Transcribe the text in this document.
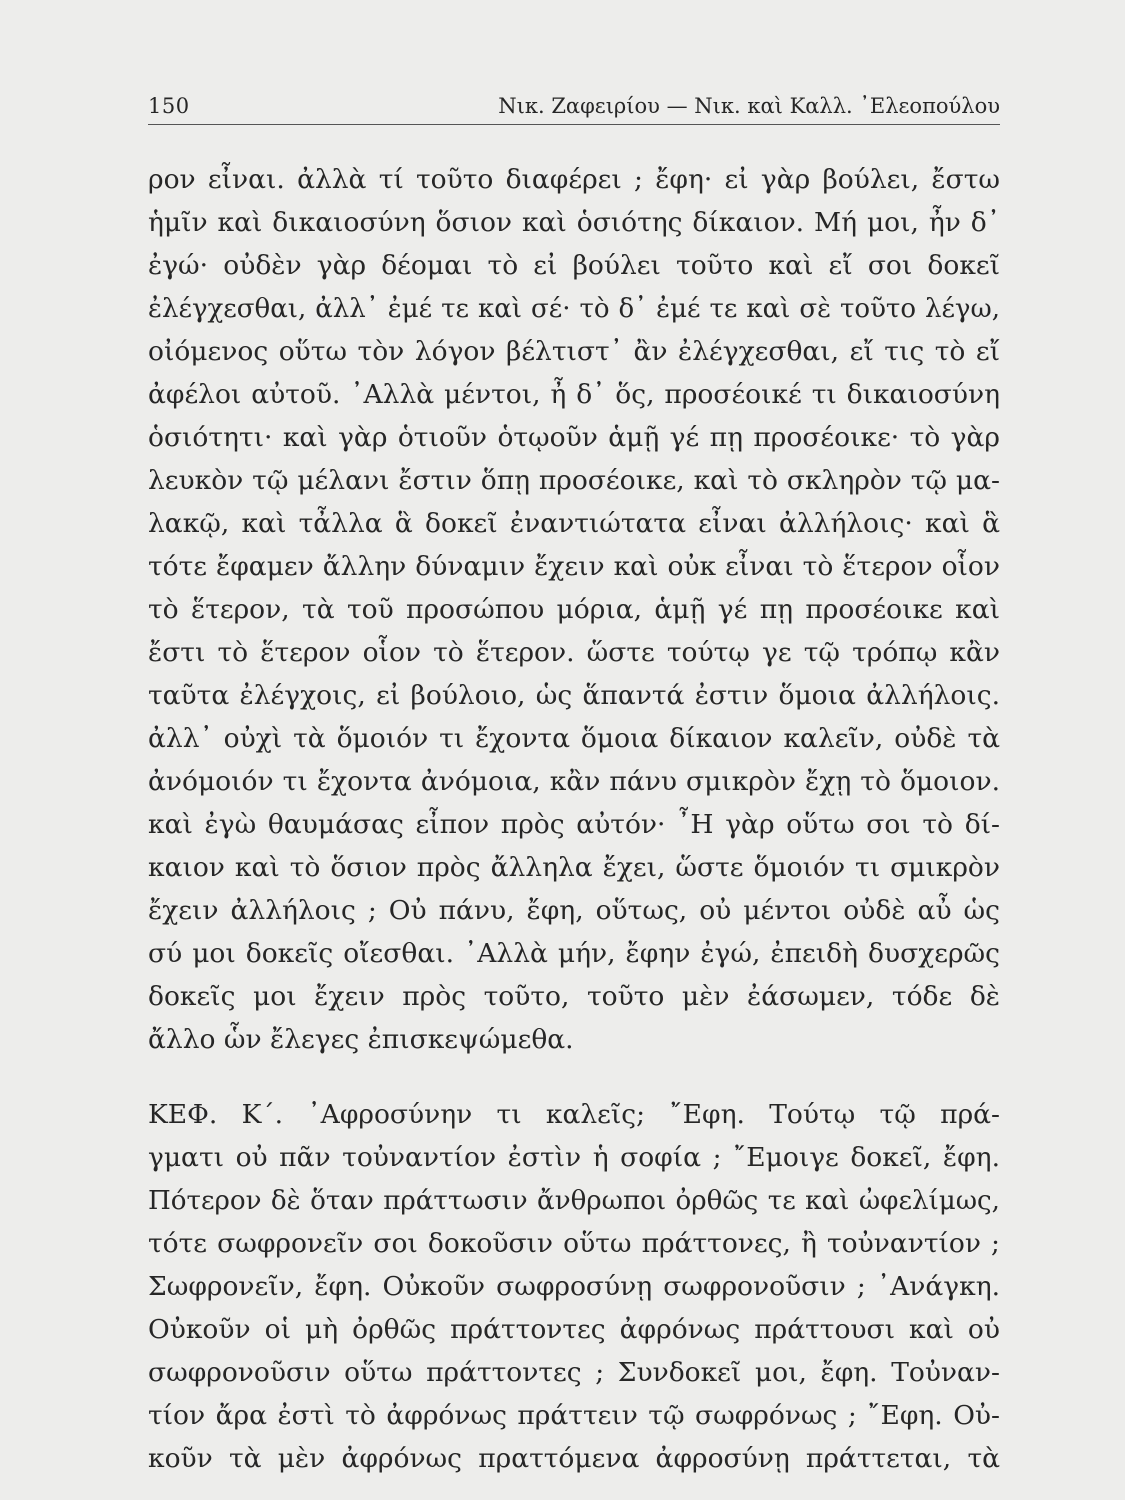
150	Νικ. Ζαφειρίου — Νικ. καὶ Καλλ. ᾿Ελεοπούλου
ρον εἶναι. ἀλλὰ τί τοῦτο διαφέρει ; ἔφη· εἰ γὰρ βούλει, ἔστω
ἡμῖν καὶ δικαιοσύνη ὅσιον καὶ ὁσιότης δίκαιον. Μή μοι, ἦν δ᾿
ἐγώ· οὐδὲν γὰρ δέομαι τὸ εἰ βούλει τοῦτο καὶ εἴ σοι δοκεῖ
ἐλέγχεσθαι, ἀλλ᾿ ἐμέ τε καὶ σέ· τὸ δ᾿ ἐμέ τε καὶ σὲ τοῦτο λέγω,
οἰόμενος οὕτω τὸν λόγον βέλτιστ᾿ ἂν ἐλέγχεσθαι, εἴ τις τὸ εἴ
ἀφέλοι αὐτοῦ. ᾿Αλλὰ μέντοι, ἦ δ᾿ ὅς, προσέοικέ τι δικαιοσύνη
ὁσιότητι· καὶ γὰρ ὁτιοῦν ὁτῳοῦν ἁμῇ γέ πῃ προσέοικε· τὸ γὰρ
λευκὸν τῷ μέλανι ἔστιν ὅπῃ προσέοικε, καὶ τὸ σκληρὸν τῷ μα-
λακῷ, καὶ τἆλλα ἃ δοκεῖ ἐναντιώτατα εἶναι ἀλλήλοις· καὶ ἃ
τότε ἔφαμεν ἄλλην δύναμιν ἔχειν καὶ οὐκ εἶναι τὸ ἕτερον οἷον
τὸ ἕτερον, τὰ τοῦ προσώπου μόρια, ἁμῇ γέ πῃ προσέοικε καὶ
ἔστι τὸ ἕτερον οἷον τὸ ἕτερον. ὥστε τούτῳ γε τῷ τρόπῳ κἂν
ταῦτα ἐλέγχοις, εἰ βούλοιο, ὡς ἅπαντά ἐστιν ὅμοια ἀλλήλοις.
ἀλλ᾿ οὐχὶ τὰ ὅμοιόν τι ἔχοντα ὅμοια δίκαιον καλεῖν, οὐδὲ τὰ
ἀνόμοιόν τι ἔχοντα ἀνόμοια, κἂν πάνυ σμικρὸν ἔχῃ τὸ ὅμοιον.
καὶ ἐγὼ θαυμάσας εἶπον πρὸς αὐτόν· ῏Η γὰρ οὕτω σοι τὸ δί-
καιον καὶ τὸ ὅσιον πρὸς ἄλληλα ἔχει, ὥστε ὅμοιόν τι σμικρὸν
ἔχειν ἀλλήλοις ; Οὐ πάνυ, ἔφη, οὕτως, οὐ μέντοι οὐδὲ αὖ ὡς
σύ μοι δοκεῖς οἴεσθαι. ᾿Αλλὰ μήν, ἔφην ἐγώ, ἐπειδὴ δυσχερῶς
δοκεῖς μοι ἔχειν πρὸς τοῦτο, τοῦτο μὲν ἐάσωμεν, τόδε δὲ
ἄλλο ὧν ἔλεγες ἐπισκεψώμεθα.
ΚΕΦ. Κ΄. ᾿Αφροσύνην τι καλεῖς; ῎Εφη. Τούτῳ τῷ πρά-
γματι οὐ πᾶν τοὐναντίον ἐστὶν ἡ σοφία ; ῎Εμοιγε δοκεῖ, ἔφη.
Πότερον δὲ ὅταν πράττωσιν ἄνθρωποι ὀρθῶς τε καὶ ὠφελίμως,
τότε σωφρονεῖν σοι δοκοῦσιν οὕτω πράττονες, ἢ τοὐναντίον ;
Σωφρονεῖν, ἔφη. Οὐκοῦν σωφροσύνῃ σωφρονοῦσιν ; ᾿Ανάγκη.
Οὐκοῦν οἱ μὴ ὀρθῶς πράττοντες ἀφρόνως πράττουσι καὶ οὐ
σωφρονοῦσιν οὕτω πράττοντες ; Συνδοκεῖ μοι, ἔφη. Τοὐναν-
τίον ἄρα ἐστὶ τὸ ἀφρόνως πράττειν τῷ σωφρόνως ; ῎Εφη. Οὐ-
κοῦν τὰ μὲν ἀφρόνως πραττόμενα ἀφροσύνῃ πράττεται, τὰ
